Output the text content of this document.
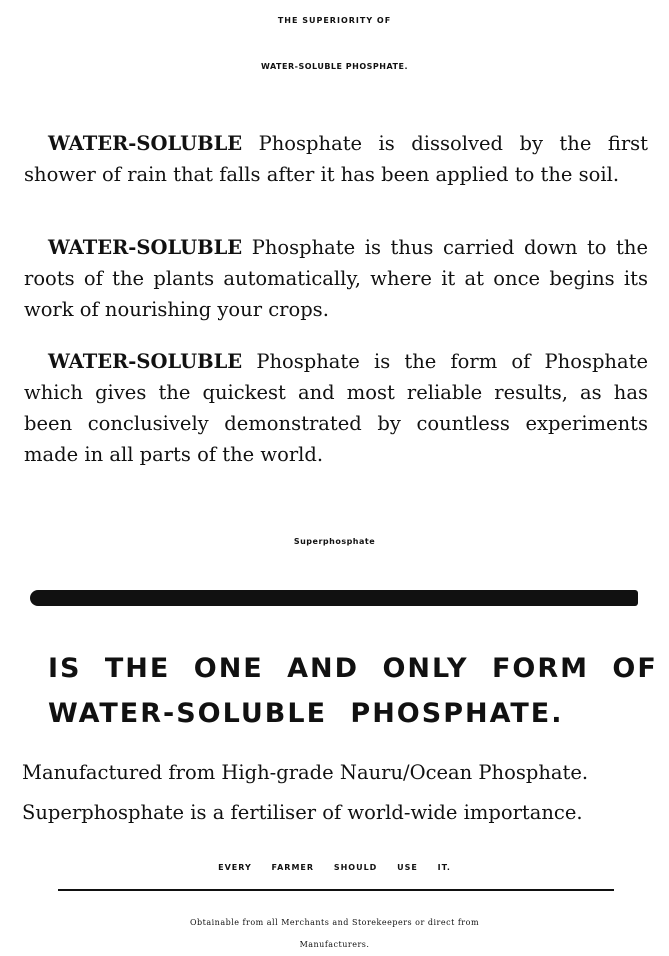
THE SUPERIORITY OF
WATER-SOLUBLE PHOSPHATE.

WATER-SOLUBLE Phosphate is dissolved by the first shower of rain that falls after it has been applied to the soil.

WATER-SOLUBLE Phosphate is thus carried down to the roots of the plants automatically, where it at once begins its work of nourishing your crops.

WATER-SOLUBLE Phosphate is the form of Phosphate which gives the quickest and most reliable results, as has been conclusively demonstrated by countless experiments made in all parts of the world.

Superphosphate
IS THE ONE AND ONLY FORM OF
WATER-SOLUBLE PHOSPHATE.
Manufactured from High-grade Nauru/Ocean Phosphate.
Superphosphate is a fertiliser of world-wide importance.
EVERY FARMER SHOULD USE IT.
Obtainable from all Merchants and Storekeepers or direct from
Manufacturers.
